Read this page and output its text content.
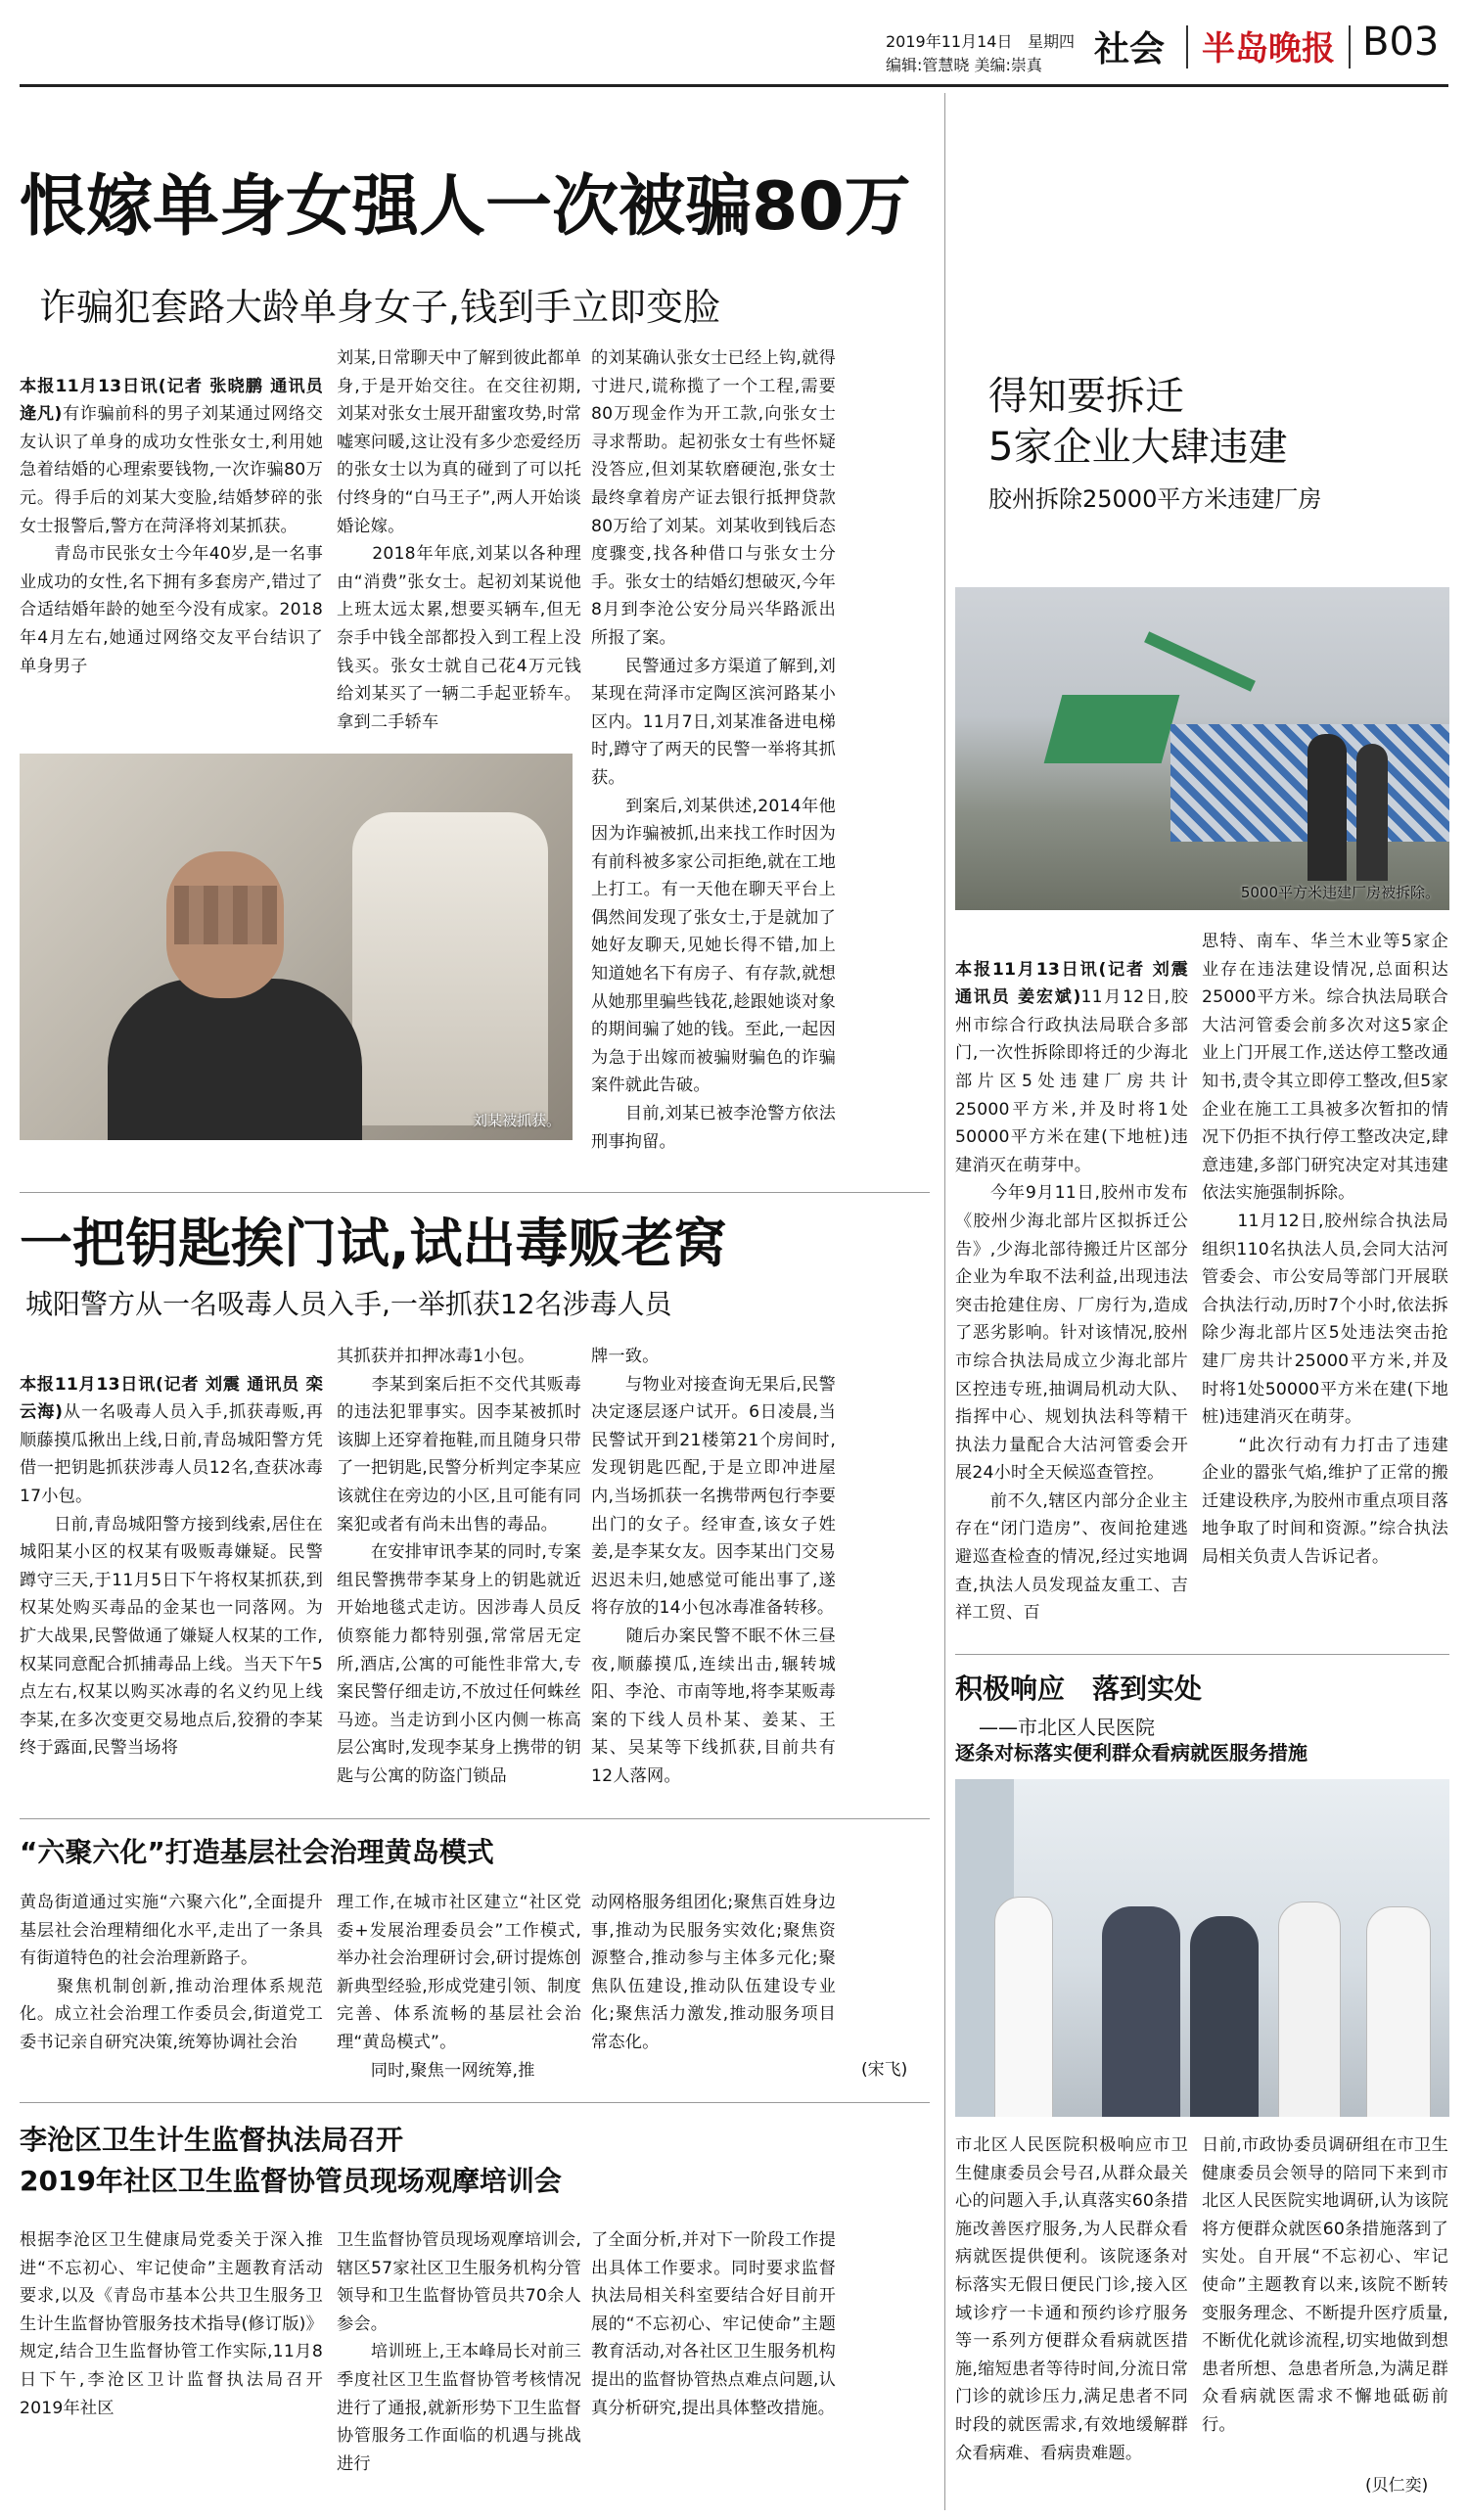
2019年11月14日 星期四
编辑:管慧晓 美编:崇真 社会 半岛晚报 B03
恨嫁单身女强人一次被骗80万
诈骗犯套路大龄单身女子,钱到手立即变脸

本报11月13日讯(记者 张晓鹏 通讯员 逄凡)有诈骗前科的男子刘某通过网络交友认识了单身的成功女性张女士,利用她急着结婚的心理索要钱物,一次诈骗80万元。得手后的刘某大变脸,结婚梦碎的张女士报警后,警方在菏泽将刘某抓获。
　　青岛市民张女士今年40岁,是一名事业成功的女性,名下拥有多套房产,错过了合适结婚年龄的她至今没有成家。2018年4月左右,她通过网络交友平台结识了单身男子

刘某,日常聊天中了解到彼此都单身,于是开始交往。在交往初期,刘某对张女士展开甜蜜攻势,时常嘘寒问暖,这让没有多少恋爱经历的张女士以为真的碰到了可以托付终身的“白马王子”,两人开始谈婚论嫁。
　　2018年年底,刘某以各种理由“消费”张女士。起初刘某说他上班太远太累,想要买辆车,但无奈手中钱全部都投入到工程上没钱买。张女士就自己花4万元钱给刘某买了一辆二手起亚轿车。拿到二手轿车
的刘某确认张女士已经上钩,就得寸进尺,谎称揽了一个工程,需要80万现金作为开工款,向张女士寻求帮助。起初张女士有些怀疑没答应,但刘某软磨硬泡,张女士最终拿着房产证去银行抵押贷款80万给了刘某。刘某收到钱后态度骤变,找各种借口与张女士分手。张女士的结婚幻想破灭,今年8月到李沧公安分局兴华路派出所报了案。
　　民警通过多方渠道了解到,刘某现在菏泽市定陶区滨河路某小区内。11月7日,刘某准备进电梯时,蹲守了两天的民警一举将其抓获。
　　到案后,刘某供述,2014年他因为诈骗被抓,出来找工作时因为有前科被多家公司拒绝,就在工地上打工。有一天他在聊天平台上偶然间发现了张女士,于是就加了她好友聊天,见她长得不错,加上知道她名下有房子、有存款,就想从她那里骗些钱花,趁跟她谈对象的期间骗了她的钱。至此,一起因为急于出嫁而被骗财骗色的诈骗案件就此告破。
　　目前,刘某已被李沧警方依法刑事拘留。
刘某被抓获。
得知要拆迁
5家企业大肆违建
胶州拆除25000平方米违建厂房
5000平方米违建厂房被拆除。

本报11月13日讯(记者 刘震 通讯员 姜宏斌)11月12日,胶州市综合行政执法局联合多部门,一次性拆除即将迁的少海北部片区5处违建厂房共计25000平方米,并及时将1处50000平方米在建(下地桩)违建消灭在萌芽中。
　　今年9月11日,胶州市发布《胶州少海北部片区拟拆迁公告》,少海北部待搬迁片区部分企业为牟取不法利益,出现违法突击抢建住房、厂房行为,造成了恶劣影响。针对该情况,胶州市综合执法局成立少海北部片区控违专班,抽调局机动大队、指挥中心、规划执法科等精干执法力量配合大沽河管委会开展24小时全天候巡查管控。
　　前不久,辖区内部分企业主存在“闭门造房”、夜间抢建逃避巡查检查的情况,经过实地调查,执法人员发现益友重工、吉祥工贸、百

思特、南车、华兰木业等5家企业存在违法建设情况,总面积达25000平方米。综合执法局联合大沽河管委会前多次对这5家企业上门开展工作,送达停工整改通知书,责令其立即停工整改,但5家企业在施工工具被多次暂扣的情况下仍拒不执行停工整改决定,肆意违建,多部门研究决定对其违建依法实施强制拆除。
　　11月12日,胶州综合执法局组织110名执法人员,会同大沽河管委会、市公安局等部门开展联合执法行动,历时7个小时,依法拆除少海北部片区5处违法突击抢建厂房共计25000平方米,并及时将1处50000平方米在建(下地桩)违建消灭在萌芽。
　　“此次行动有力打击了违建企业的嚣张气焰,维护了正常的搬迁建设秩序,为胶州市重点项目落地争取了时间和资源。”综合执法局相关负责人告诉记者。
一把钥匙挨门试,试出毒贩老窝
城阳警方从一名吸毒人员入手,一举抓获12名涉毒人员

本报11月13日讯(记者 刘震 通讯员 栾云海)从一名吸毒人员入手,抓获毒贩,再顺藤摸瓜揪出上线,日前,青岛城阳警方凭借一把钥匙抓获涉毒人员12名,查获冰毒17小包。
　　日前,青岛城阳警方接到线索,居住在城阳某小区的权某有吸贩毒嫌疑。民警蹲守三天,于11月5日下午将权某抓获,到权某处购买毒品的金某也一同落网。为扩大战果,民警做通了嫌疑人权某的工作,权某同意配合抓捕毒品上线。当天下午5点左右,权某以购买冰毒的名义约见上线李某,在多次变更交易地点后,狡猾的李某终于露面,民警当场将

其抓获并扣押冰毒1小包。
　　李某到案后拒不交代其贩毒的违法犯罪事实。因李某被抓时该脚上还穿着拖鞋,而且随身只带了一把钥匙,民警分析判定李某应该就住在旁边的小区,且可能有同案犯或者有尚未出售的毒品。
　　在安排审讯李某的同时,专案组民警携带李某身上的钥匙就近开始地毯式走访。因涉毒人员反侦察能力都特别强,常常居无定所,酒店,公寓的可能性非常大,专案民警仔细走访,不放过任何蛛丝马迹。当走访到小区内侧一栋高层公寓时,发现李某身上携带的钥匙与公寓的防盗门锁品
牌一致。
　　与物业对接查询无果后,民警决定逐层逐户试开。6日凌晨,当民警试开到21楼第21个房间时,发现钥匙匹配,于是立即冲进屋内,当场抓获一名携带两包行李要出门的女子。经审查,该女子姓姜,是李某女友。因李某出门交易迟迟未归,她感觉可能出事了,遂将存放的14小包冰毒准备转移。
　　随后办案民警不眠不休三昼夜,顺藤摸瓜,连续出击,辗转城阳、李沧、市南等地,将李某贩毒案的下线人员朴某、姜某、王某、吴某等下线抓获,目前共有12人落网。
“六聚六化”打造基层社会治理黄岛模式
黄岛街道通过实施“六聚六化”,全面提升基层社会治理精细化水平,走出了一条具有街道特色的社会治理新路子。
　　聚焦机制创新,推动治理体系规范化。成立社会治理工作委员会,街道党工委书记亲自研究决策,统筹协调社会治
理工作,在城市社区建立“社区党委+发展治理委员会”工作模式,举办社会治理研讨会,研讨提炼创新典型经验,形成党建引领、制度完善、体系流畅的基层社会治理“黄岛模式”。
　　同时,聚焦一网统筹,推
动网格服务组团化;聚焦百姓身边事,推动为民服务实效化;聚焦资源整合,推动参与主体多元化;聚焦队伍建设,推动队伍建设专业化;聚焦活力激发,推动服务项目常态化。
(宋飞)
李沧区卫生计生监督执法局召开
2019年社区卫生监督协管员现场观摩培训会
根据李沧区卫生健康局党委关于深入推进“不忘初心、牢记使命”主题教育活动要求,以及《青岛市基本公共卫生服务卫生计生监督协管服务技术指导(修订版)》规定,结合卫生监督协管工作实际,11月8日下午,李沧区卫计监督执法局召开2019年社区
卫生监督协管员现场观摩培训会,辖区57家社区卫生服务机构分管领导和卫生监督协管员共70余人参会。
　　培训班上,王本峰局长对前三季度社区卫生监督协管考核情况进行了通报,就新形势下卫生监督协管服务工作面临的机遇与挑战进行
了全面分析,并对下一阶段工作提出具体工作要求。同时要求监督执法局相关科室要结合好目前开展的“不忘初心、牢记使命”主题教育活动,对各社区卫生服务机构提出的监督协管热点难点问题,认真分析研究,提出具体整改措施。
积极响应　落到实处
——市北区人民医院
逐条对标落实便利群众看病就医服务措施
市北区人民医院积极响应市卫生健康委员会号召,从群众最关心的问题入手,认真落实60条措施改善医疗服务,为人民群众看病就医提供便利。该院逐条对标落实无假日便民门诊,接入区域诊疗一卡通和预约诊疗服务等一系列方便群众看病就医措施,缩短患者等待时间,分流日常门诊的就诊压力,满足患者不同时段的就医需求,有效地缓解群众看病难、看病贵难题。
日前,市政协委员调研组在市卫生健康委员会领导的陪同下来到市北区人民医院实地调研,认为该院将方便群众就医60条措施落到了实处。自开展“不忘初心、牢记使命”主题教育以来,该院不断转变服务理念、不断提升医疗质量,不断优化就诊流程,切实地做到想患者所想、急患者所急,为满足群众看病就医需求不懈地砥砺前行。
(贝仁奕)
